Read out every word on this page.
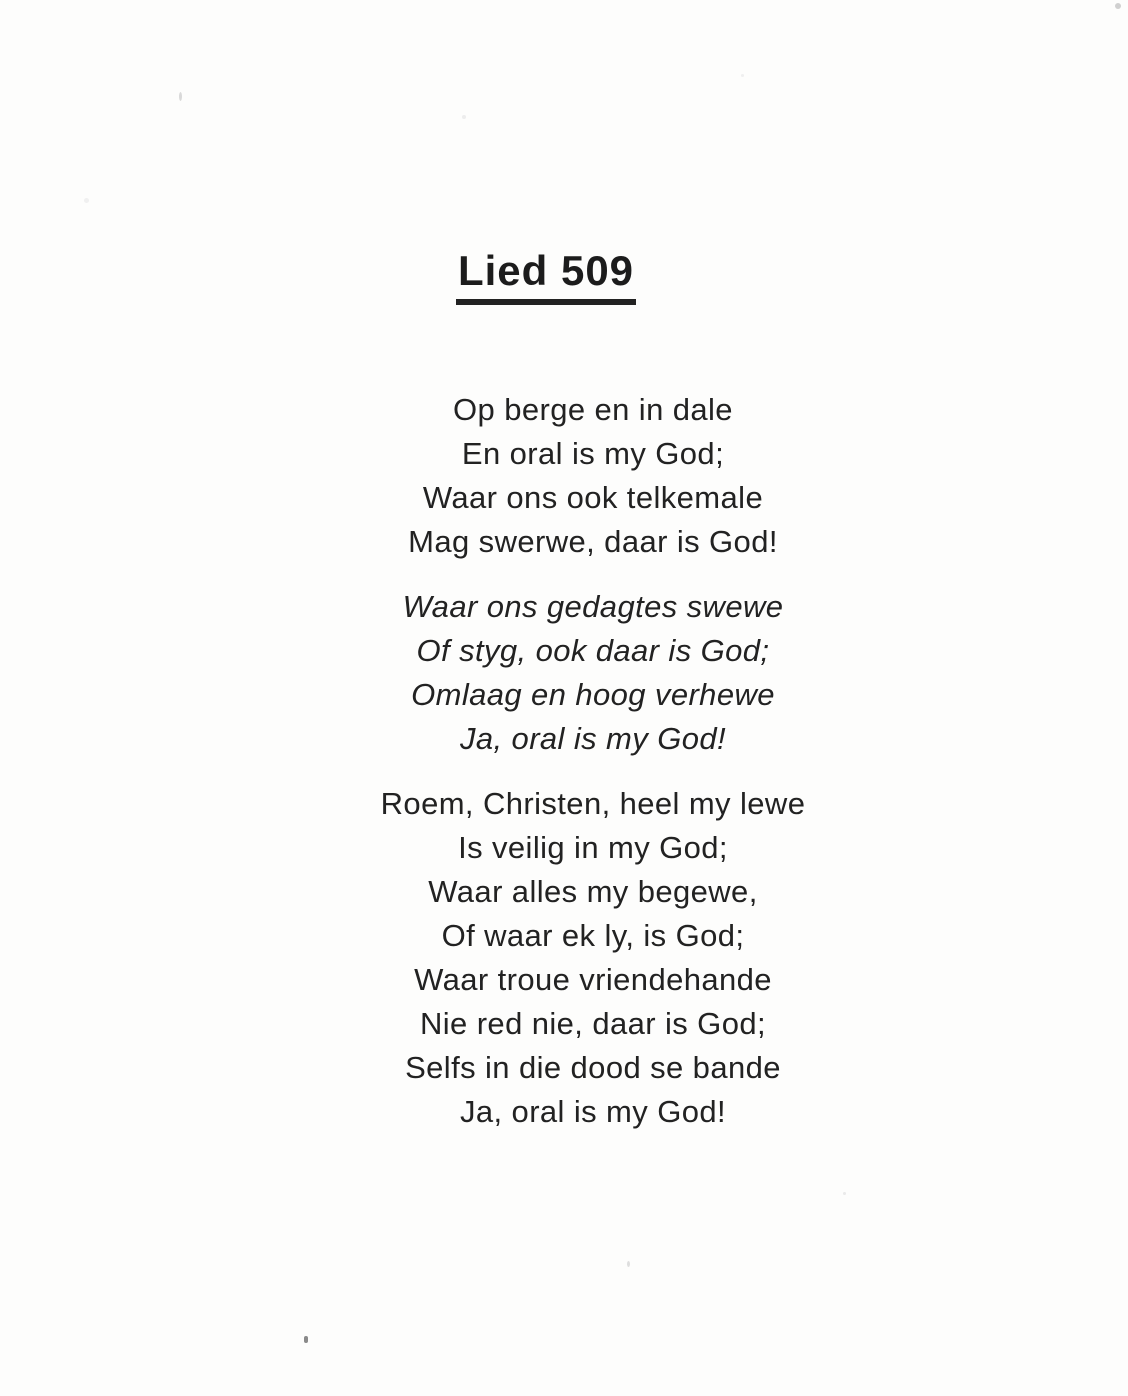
Lied 509
Op berge en in dale
En oral is my God;
Waar ons ook telkemale
Mag swerwe, daar is God!
Waar ons gedagtes swewe
Of styg, ook daar is God;
Omlaag en hoog verhewe
Ja, oral is my God!
Roem, Christen, heel my lewe
Is veilig in my God;
Waar alles my begewe,
Of waar ek ly, is God;
Waar troue vriendehande
Nie red nie, daar is God;
Selfs in die dood se bande
Ja, oral is my God!
